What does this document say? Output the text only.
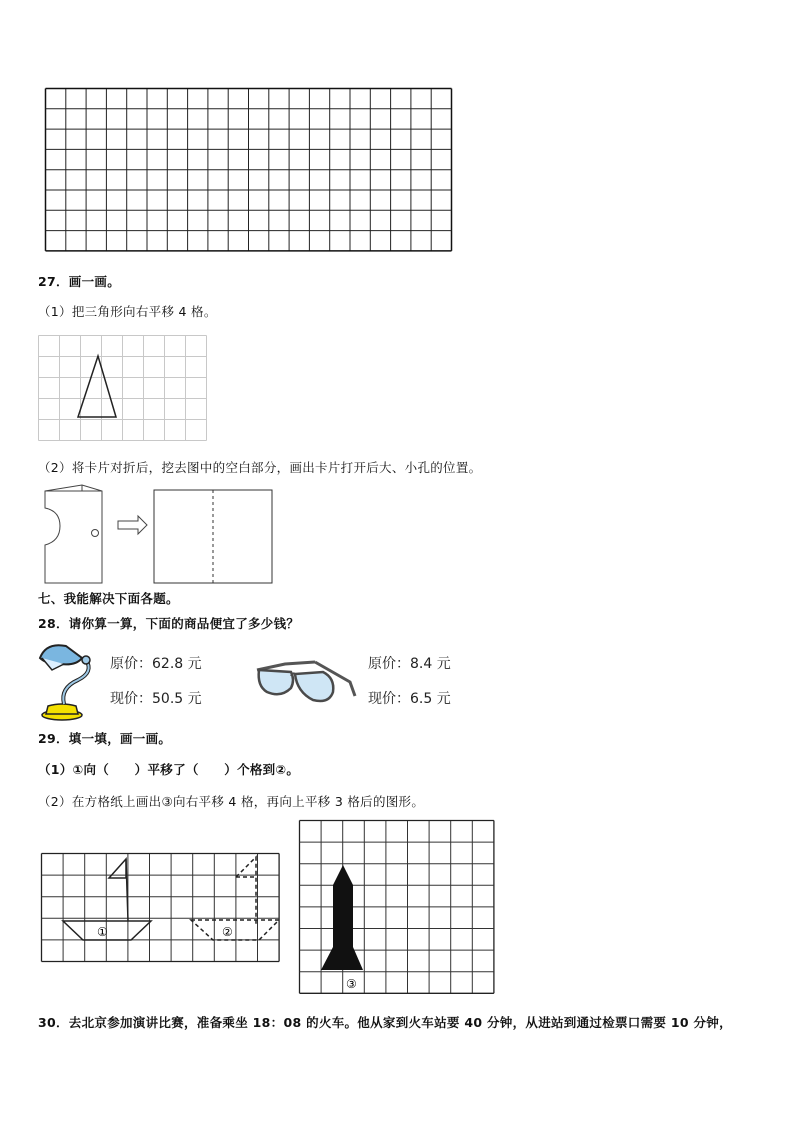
27．画一画。
（1）把三角形向右平移 4 格。
（2）将卡片对折后，挖去图中的空白部分，画出卡片打开后大、小孔的位置。
七、我能解决下面各题。
28．请你算一算，下面的商品便宜了多少钱？
原价：62.8 元
现价：50.5 元
原价：8.4 元
现价：6.5 元
29．填一填，画一画。
（1）①向（　　）平移了（　　）个格到②。
（2）在方格纸上画出③向右平移 4 格，再向上平移 3 格后的图形。
①	②
③
30．去北京参加演讲比赛，准备乘坐 18：08 的火车。他从家到火车站要 40 分钟，从进站到通过检票口需要 10 分钟，
